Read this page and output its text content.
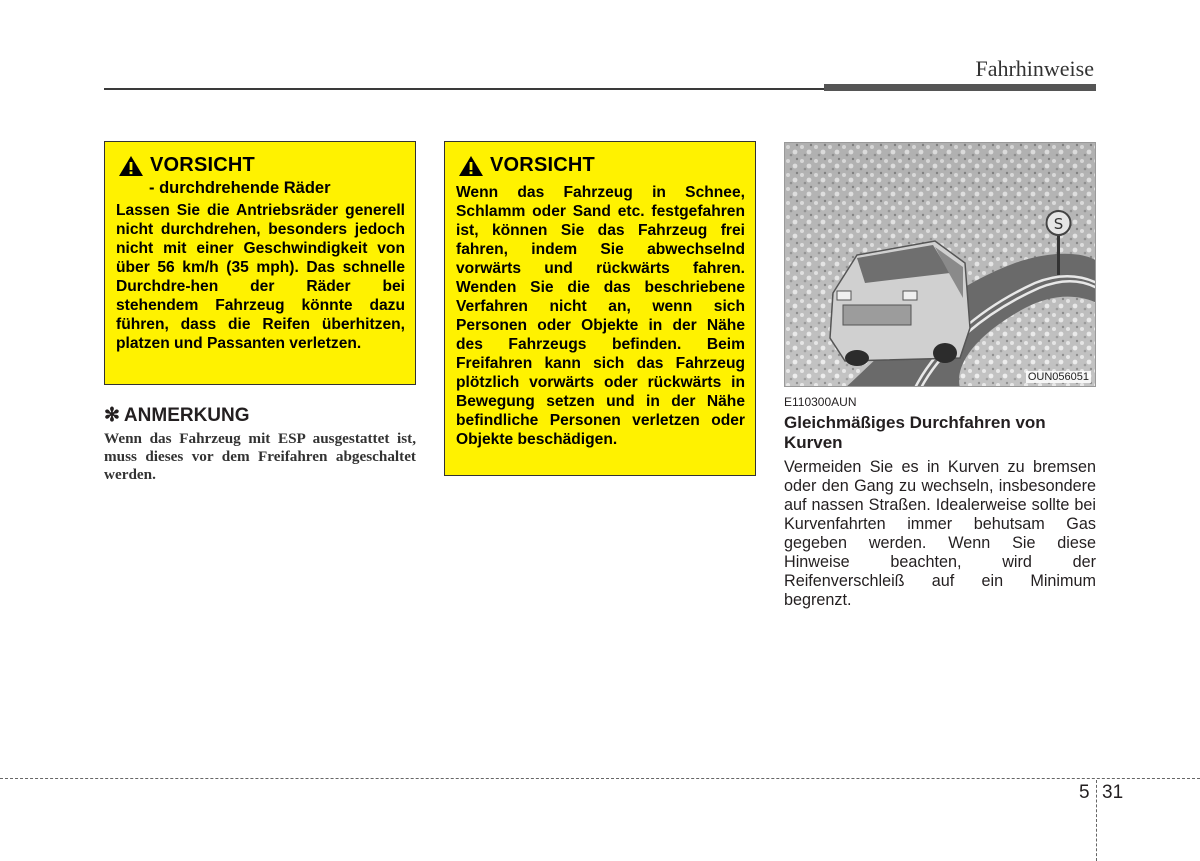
Fahrhinweise
VORSICHT
- durchdrehende Räder
Lassen Sie die Antriebsräder generell nicht durchdrehen, besonders jedoch nicht mit einer Geschwindigkeit von über 56 km/h (35 mph). Das schnelle Durchdre-hen der Räder bei stehendem Fahrzeug könnte dazu führen, dass die Reifen überhitzen, platzen und Passanten verletzen.
✻ ANMERKUNG
Wenn das Fahrzeug mit ESP ausgestattet ist, muss dieses vor dem Freifahren abgeschaltet werden.
VORSICHT
Wenn das Fahrzeug in Schnee, Schlamm oder Sand etc. festgefahren ist, können Sie das Fahrzeug frei fahren, indem Sie abwechselnd vorwärts und rückwärts fahren. Wenden Sie die das beschriebene Verfahren nicht an, wenn sich Personen oder Objekte in der Nähe des Fahrzeugs befinden. Beim Freifahren kann sich das Fahrzeug plötzlich vorwärts oder rückwärts in Bewegung setzen und in der Nähe befindliche Personen verletzen oder Objekte beschädigen.
S
OUN056051
E110300AUN
Gleichmäßiges Durchfahren von Kurven
Vermeiden Sie es in Kurven zu bremsen oder den Gang zu wechseln, insbesondere auf nassen Straßen. Idealerweise sollte bei Kurvenfahrten immer behutsam Gas gegeben werden. Wenn Sie diese Hinweise beachten, wird der Reifenverschleiß auf ein Minimum begrenzt.
5 31
